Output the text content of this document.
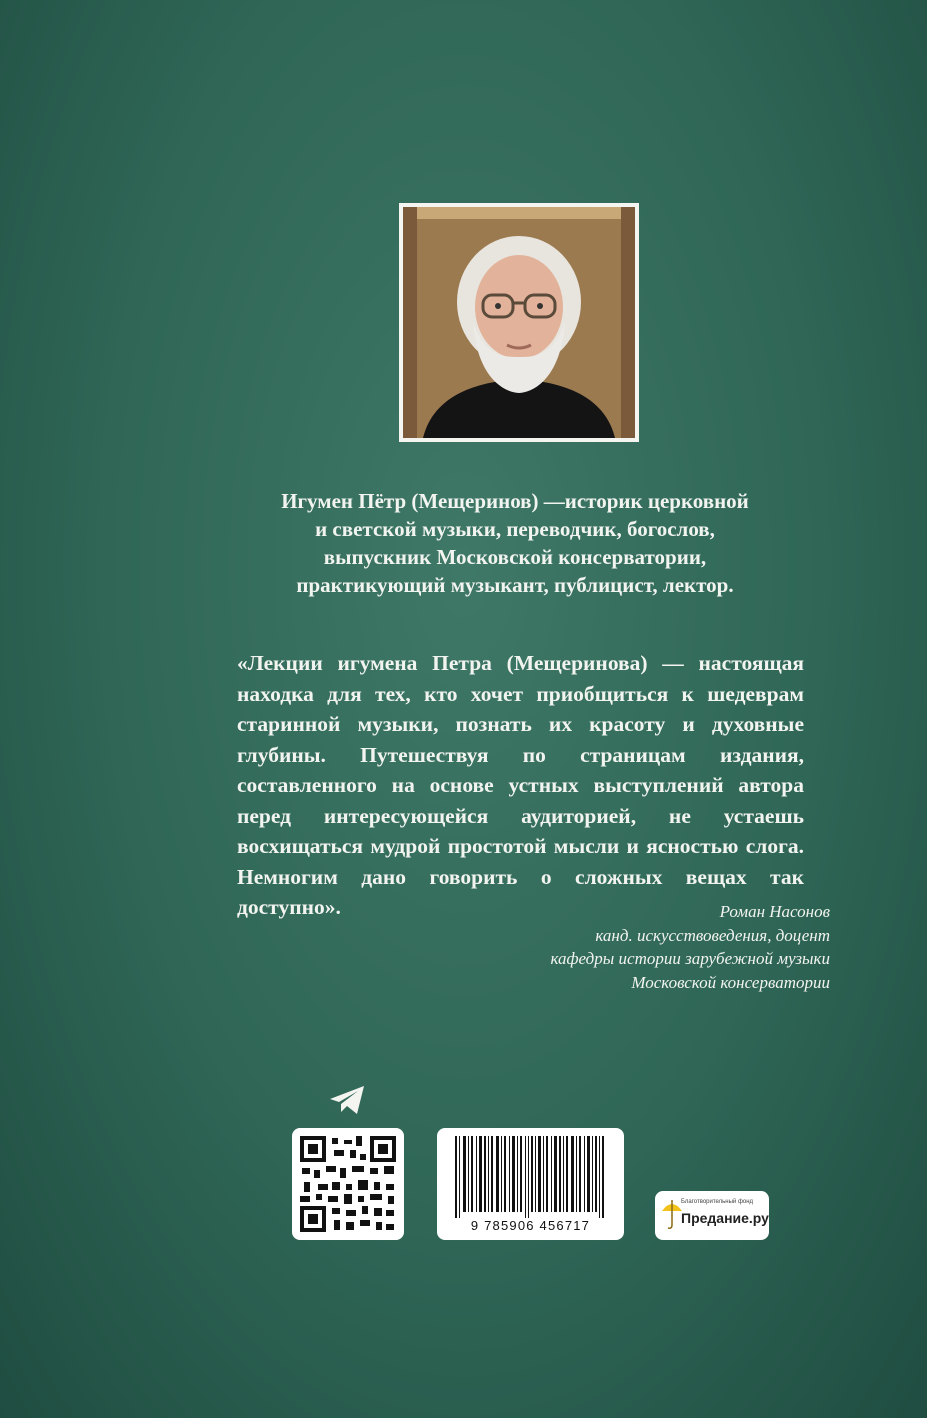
Игумен Пётр (Мещеринов) —историк церковной
и светской музыки, переводчик, богослов,
выпускник Московской консерватории,
практикующий музыкант, публицист, лектор.

«Лекции игумена Петра (Мещеринова) — настоящая находка для тех, кто хочет приобщиться к шедеврам старинной музыки, познать их красоту и духовные глубины. Путешествуя по страницам издания, составленного на основе устных выступлений автора перед интересующейся аудиторией, не устаешь восхищаться мудрой простотой мысли и ясностью слога. Немногим дано говорить о сложных вещах так доступно».	Роман Насонов
канд. искусствоведения, доцент
кафедры истории зарубежной музыки
Московской консерватории
9 785906 456717
Благотворительный фонд
Предание.ру
